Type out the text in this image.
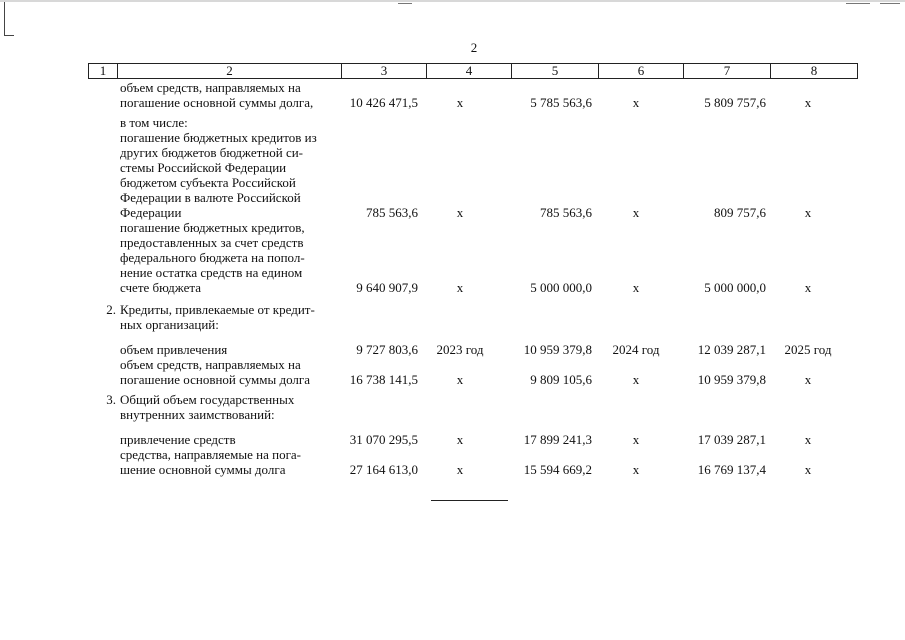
2
1	2	3	4	5	6	7	8
объем средств, направляемых на
погашение основной суммы долга,	10 426 471,5	х	5 785 563,6	х	5 809 757,6	х
в том числе:
погашение бюджетных кредитов из
других бюджетов бюджетной си-
стемы Российской Федерации
бюджетом субъекта Российской
Федерации в валюте Российской
Федерации	785 563,6	х	785 563,6	х	809 757,6	х
погашение бюджетных кредитов,
предоставленных за счет средств
федерального бюджета на попол-
нение остатка средств на едином
счете бюджета	9 640 907,9	х	5 000 000,0	х	5 000 000,0	х
2. Кредиты, привлекаемые от кредит-
ных организаций:
объем привлечения	9 727 803,6	2023 год	10 959 379,8	2024 год	12 039 287,1	2025 год
объем средств, направляемых на
погашение основной суммы долга	16 738 141,5	х	9 809 105,6	х	10 959 379,8	х
3. Общий объем государственных
внутренних заимствований:
привлечение средств	31 070 295,5	х	17 899 241,3	х	17 039 287,1	х
средства, направляемые на пога-
шение основной суммы долга	27 164 613,0	х	15 594 669,2	х	16 769 137,4	х
